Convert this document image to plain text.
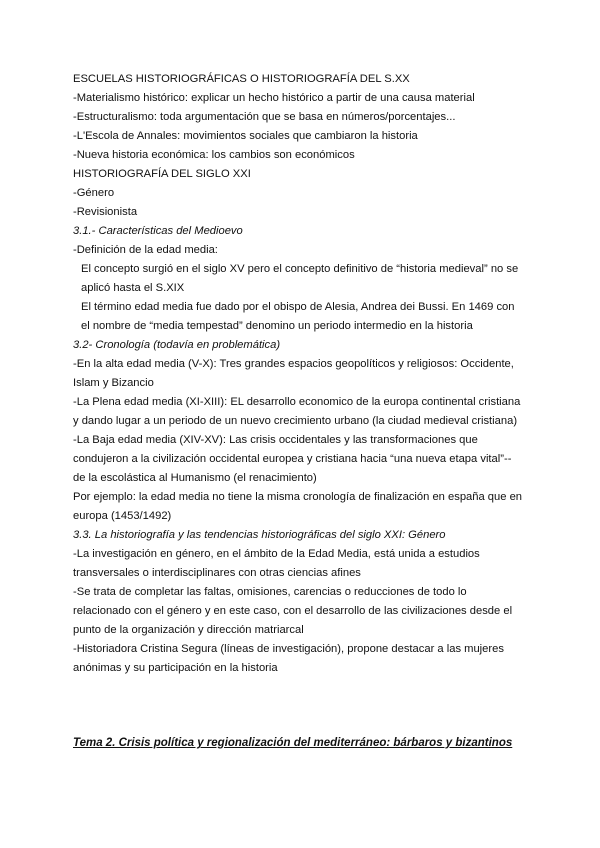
ESCUELAS HISTORIOGRÁFICAS O HISTORIOGRAFÍA DEL S.XX
-Materialismo histórico: explicar un hecho histórico a partir de una causa material
-Estructuralismo: toda argumentación que se basa en números/porcentajes...
-L'Escola de Annales: movimientos sociales que cambiaron la historia
-Nueva historia económica: los cambios son económicos
HISTORIOGRAFÍA DEL SIGLO XXI
-Género
-Revisionista
3.1.- Características del Medioevo
-Definición de la edad media:
El concepto surgió en el siglo XV pero el concepto definitivo de “historia medieval” no se aplicó hasta el S.XIX
El término edad media fue dado por el obispo de Alesia, Andrea dei Bussi. En 1469 con el nombre de “media tempestad” denomino un periodo intermedio en la historia
3.2- Cronología (todavía en problemática)
-En la alta edad media (V-X): Tres grandes espacios geopolíticos y religiosos: Occidente, Islam y Bizancio
-La Plena edad media (XI-XIII): EL desarrollo economico de la europa continental cristiana y dando lugar a un periodo de un nuevo crecimiento urbano (la ciudad medieval cristiana)
-La Baja edad media (XIV-XV): Las crisis occidentales y las transformaciones que condujeron a la civilización occidental europea y cristiana hacia “una nueva etapa vital”--de la escolástica al Humanismo (el renacimiento)
Por ejemplo: la edad media no tiene la misma cronología de finalización en españa que en europa (1453/1492)
3.3. La historiografía y las tendencias historiográficas del siglo XXI: Género
-La investigación en género, en el ámbito de la Edad Media, está unida a estudios transversales o interdisciplinares con otras ciencias afines
-Se trata de completar las faltas, omisiones, carencias o reducciones de todo lo relacionado con el género y en este caso, con el desarrollo de las civilizaciones desde el punto de la organización y dirección matriarcal
-Historiadora Cristina Segura (líneas de investigación), propone destacar a las mujeres anónimas y su participación en la historia
Tema 2. Crisis política y regionalización del mediterráneo: bárbaros y bizantinos
